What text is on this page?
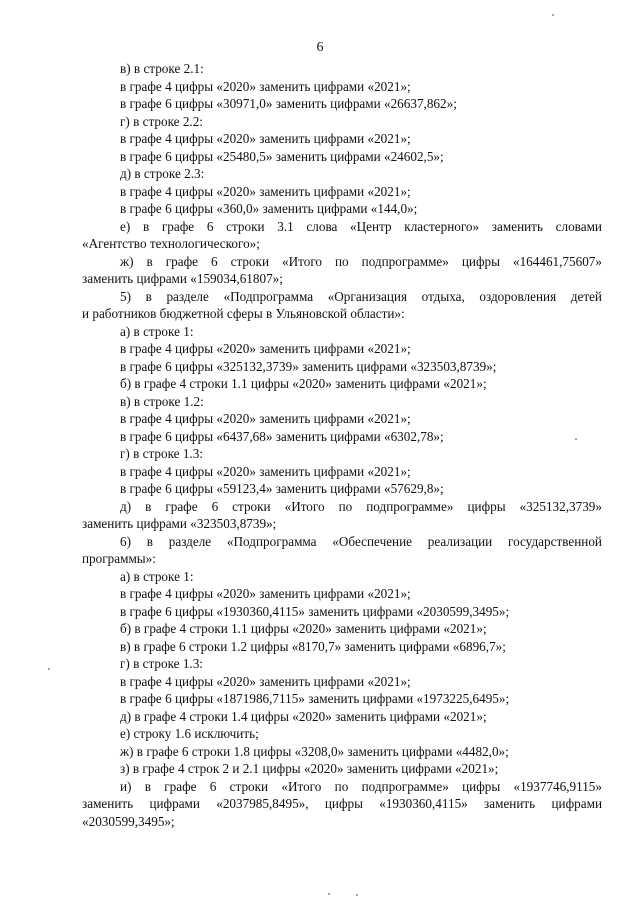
6
в) в строке 2.1:
в графе 4 цифры «2020» заменить цифрами «2021»;
в графе 6 цифры «30971,0» заменить цифрами «26637,862»;
г) в строке 2.2:
в графе 4 цифры «2020» заменить цифрами «2021»;
в графе 6 цифры «25480,5» заменить цифрами «24602,5»;
д) в строке 2.3:
в графе 4 цифры «2020» заменить цифрами «2021»;
в графе 6 цифры «360,0» заменить цифрами «144,0»;
е) в графе 6 строки 3.1 слова «Центр кластерного» заменить словами
«Агентство технологического»;
ж) в графе 6 строки «Итого по подпрограмме» цифры «164461,75607»
заменить цифрами «159034,61807»;
5) в разделе «Подпрограмма «Организация отдыха, оздоровления детей
и работников бюджетной сферы в Ульяновской области»:
а) в строке 1:
в графе 4 цифры «2020» заменить цифрами «2021»;
в графе 6 цифры «325132,3739» заменить цифрами «323503,8739»;
б) в графе 4 строки 1.1 цифры «2020» заменить цифрами «2021»;
в) в строке 1.2:
в графе 4 цифры «2020» заменить цифрами «2021»;
в графе 6 цифры «6437,68» заменить цифрами «6302,78»;
г) в строке 1.3:
в графе 4 цифры «2020» заменить цифрами «2021»;
в графе 6 цифры «59123,4» заменить цифрами «57629,8»;
д) в графе 6 строки «Итого по подпрограмме» цифры «325132,3739»
заменить цифрами «323503,8739»;
6) в разделе «Подпрограмма «Обеспечение реализации государственной
программы»:
а) в строке 1:
в графе 4 цифры «2020» заменить цифрами «2021»;
в графе 6 цифры «1930360,4115» заменить цифрами «2030599,3495»;
б) в графе 4 строки 1.1 цифры «2020» заменить цифрами «2021»;
в) в графе 6 строки 1.2 цифры «8170,7» заменить цифрами «6896,7»;
г) в строке 1.3:
в графе 4 цифры «2020» заменить цифрами «2021»;
в графе 6 цифры «1871986,7115» заменить цифрами «1973225,6495»;
д) в графе 4 строки 1.4 цифры «2020» заменить цифрами «2021»;
е) строку 1.6 исключить;
ж) в графе 6 строки 1.8 цифры «3208,0» заменить цифрами «4482,0»;
з) в графе 4 строк 2 и 2.1 цифры «2020» заменить цифрами «2021»;
и) в графе 6 строки «Итого по подпрограмме» цифры «1937746,9115»
заменить цифрами «2037985,8495», цифры «1930360,4115» заменить цифрами
«2030599,3495»;
